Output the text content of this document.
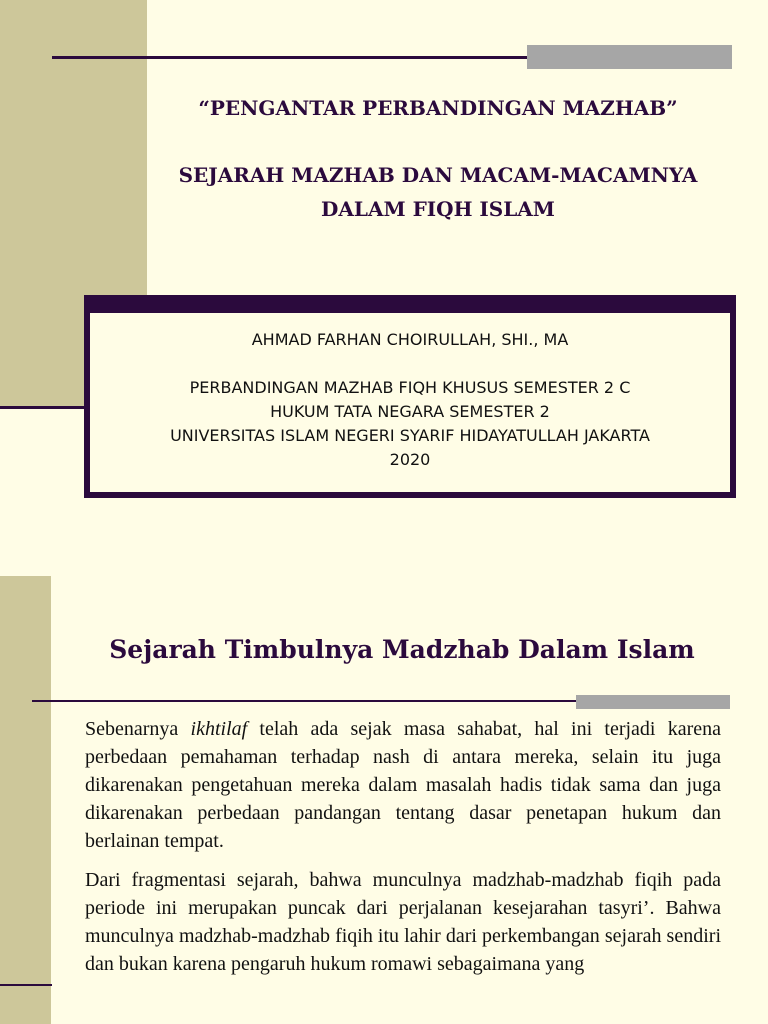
“PENGANTAR PERBANDINGAN MAZHAB”
SEJARAH MAZHAB DAN MACAM-MACAMNYA
DALAM FIQH ISLAM
AHMAD FARHAN CHOIRULLAH, SHI., MA
PERBANDINGAN MAZHAB FIQH KHUSUS SEMESTER 2 C
HUKUM TATA NEGARA SEMESTER 2
UNIVERSITAS ISLAM NEGERI SYARIF HIDAYATULLAH JAKARTA
2020
Sejarah Timbulnya Madzhab Dalam Islam

Sebenarnya ikhtilaf telah ada sejak masa sahabat, hal ini terjadi karena perbedaan pemahaman terhadap nash di antara mereka, selain itu juga dikarenakan pengetahuan mereka dalam masalah hadis tidak sama dan juga dikarenakan perbedaan pandangan tentang dasar penetapan hukum dan berlainan tempat.

Dari fragmentasi sejarah, bahwa munculnya madzhab-madzhab fiqih pada periode ini merupakan puncak dari perjalanan kesejarahan tasyri’. Bahwa munculnya madzhab-madzhab fiqih itu lahir dari perkembangan sejarah sendiri dan bukan karena pengaruh hukum romawi sebagaimana yang
